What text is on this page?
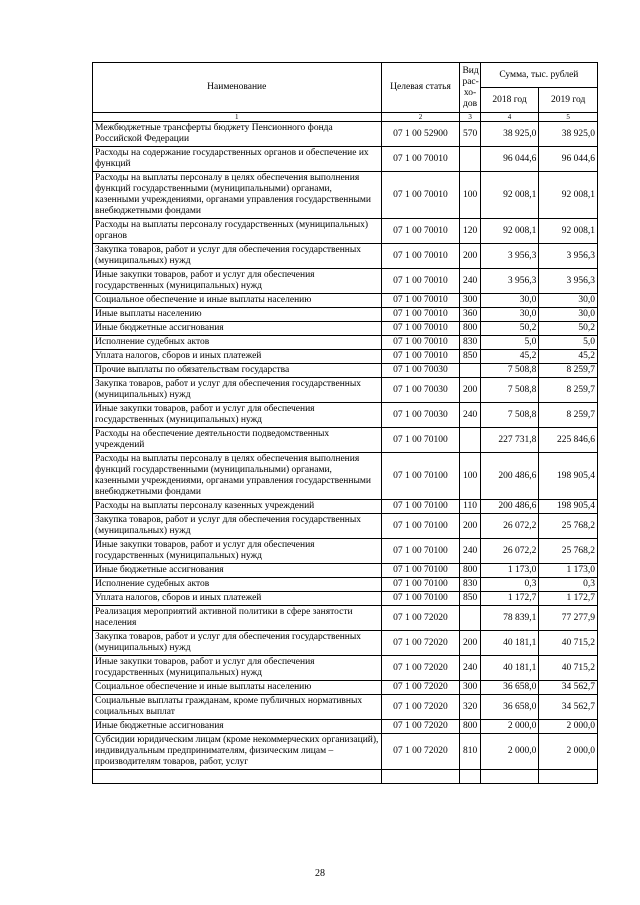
Наименование	Целевая статья	Вид рас- хо- дов	Сумма, тыс. рублей	
			2018 год	2019 год
1	2	3	4	5
Межбюджетные трансферты бюджету Пенсионного фонда Российской Федерации	07 1 00 52900	570	38 925,0	38 925,0
Расходы на содержание государственных органов и обеспечение их функций	07 1 00 70010		96 044,6	96 044,6
Расходы на выплаты персоналу в целях обеспечения выполнения функций государственными (муниципальными) органами, казенными учреждениями, органами управления государственными внебюджетными фондами	07 1 00 70010	100	92 008,1	92 008,1
Расходы на выплаты персоналу государственных (муниципальных) органов	07 1 00 70010	120	92 008,1	92 008,1
Закупка товаров, работ и услуг для обеспечения государственных (муниципальных) нужд	07 1 00 70010	200	3 956,3	3 956,3
Иные закупки товаров, работ и услуг для обеспечения государственных (муниципальных) нужд	07 1 00 70010	240	3 956,3	3 956,3
Социальное обеспечение и иные выплаты населению	07 1 00 70010	300	30,0	30,0
Иные выплаты населению	07 1 00 70010	360	30,0	30,0
Иные бюджетные ассигнования	07 1 00 70010	800	50,2	50,2
Исполнение судебных актов	07 1 00 70010	830	5,0	5,0
Уплата налогов, сборов и иных платежей	07 1 00 70010	850	45,2	45,2
Прочие выплаты по обязательствам государства	07 1 00 70030		7 508,8	8 259,7
Закупка товаров, работ и услуг для обеспечения государственных (муниципальных) нужд	07 1 00 70030	200	7 508,8	8 259,7
Иные закупки товаров, работ и услуг для обеспечения государственных (муниципальных) нужд	07 1 00 70030	240	7 508,8	8 259,7
Расходы на обеспечение деятельности подведомственных учреждений	07 1 00 70100		227 731,8	225 846,6
Расходы на выплаты персоналу в целях обеспечения выполнения функций государственными (муниципальными) органами, казенными учреждениями, органами управления государственными внебюджетными фондами	07 1 00 70100	100	200 486,6	198 905,4
Расходы на выплаты персоналу казенных учреждений	07 1 00 70100	110	200 486,6	198 905,4
Закупка товаров, работ и услуг для обеспечения государственных (муниципальных) нужд	07 1 00 70100	200	26 072,2	25 768,2
Иные закупки товаров, работ и услуг для обеспечения государственных (муниципальных) нужд	07 1 00 70100	240	26 072,2	25 768,2
Иные бюджетные ассигнования	07 1 00 70100	800	1 173,0	1 173,0
Исполнение судебных актов	07 1 00 70100	830	0,3	0,3
Уплата налогов, сборов и иных платежей	07 1 00 70100	850	1 172,7	1 172,7
Реализация мероприятий активной политики в сфере занятости населения	07 1 00 72020		78 839,1	77 277,9
Закупка товаров, работ и услуг для обеспечения государственных (муниципальных) нужд	07 1 00 72020	200	40 181,1	40 715,2
Иные закупки товаров, работ и услуг для обеспечения государственных (муниципальных) нужд	07 1 00 72020	240	40 181,1	40 715,2
Социальное обеспечение и иные выплаты населению	07 1 00 72020	300	36 658,0	34 562,7
Социальные выплаты гражданам, кроме публичных нормативных социальных выплат	07 1 00 72020	320	36 658,0	34 562,7
Иные бюджетные ассигнования	07 1 00 72020	800	2 000,0	2 000,0
Субсидии юридическим лицам (кроме некоммерческих организаций), индивидуальным предпринимателям, физическим лицам – производителям товаров, работ, услуг	07 1 00 72020	810	2 000,0	2 000,0

28
